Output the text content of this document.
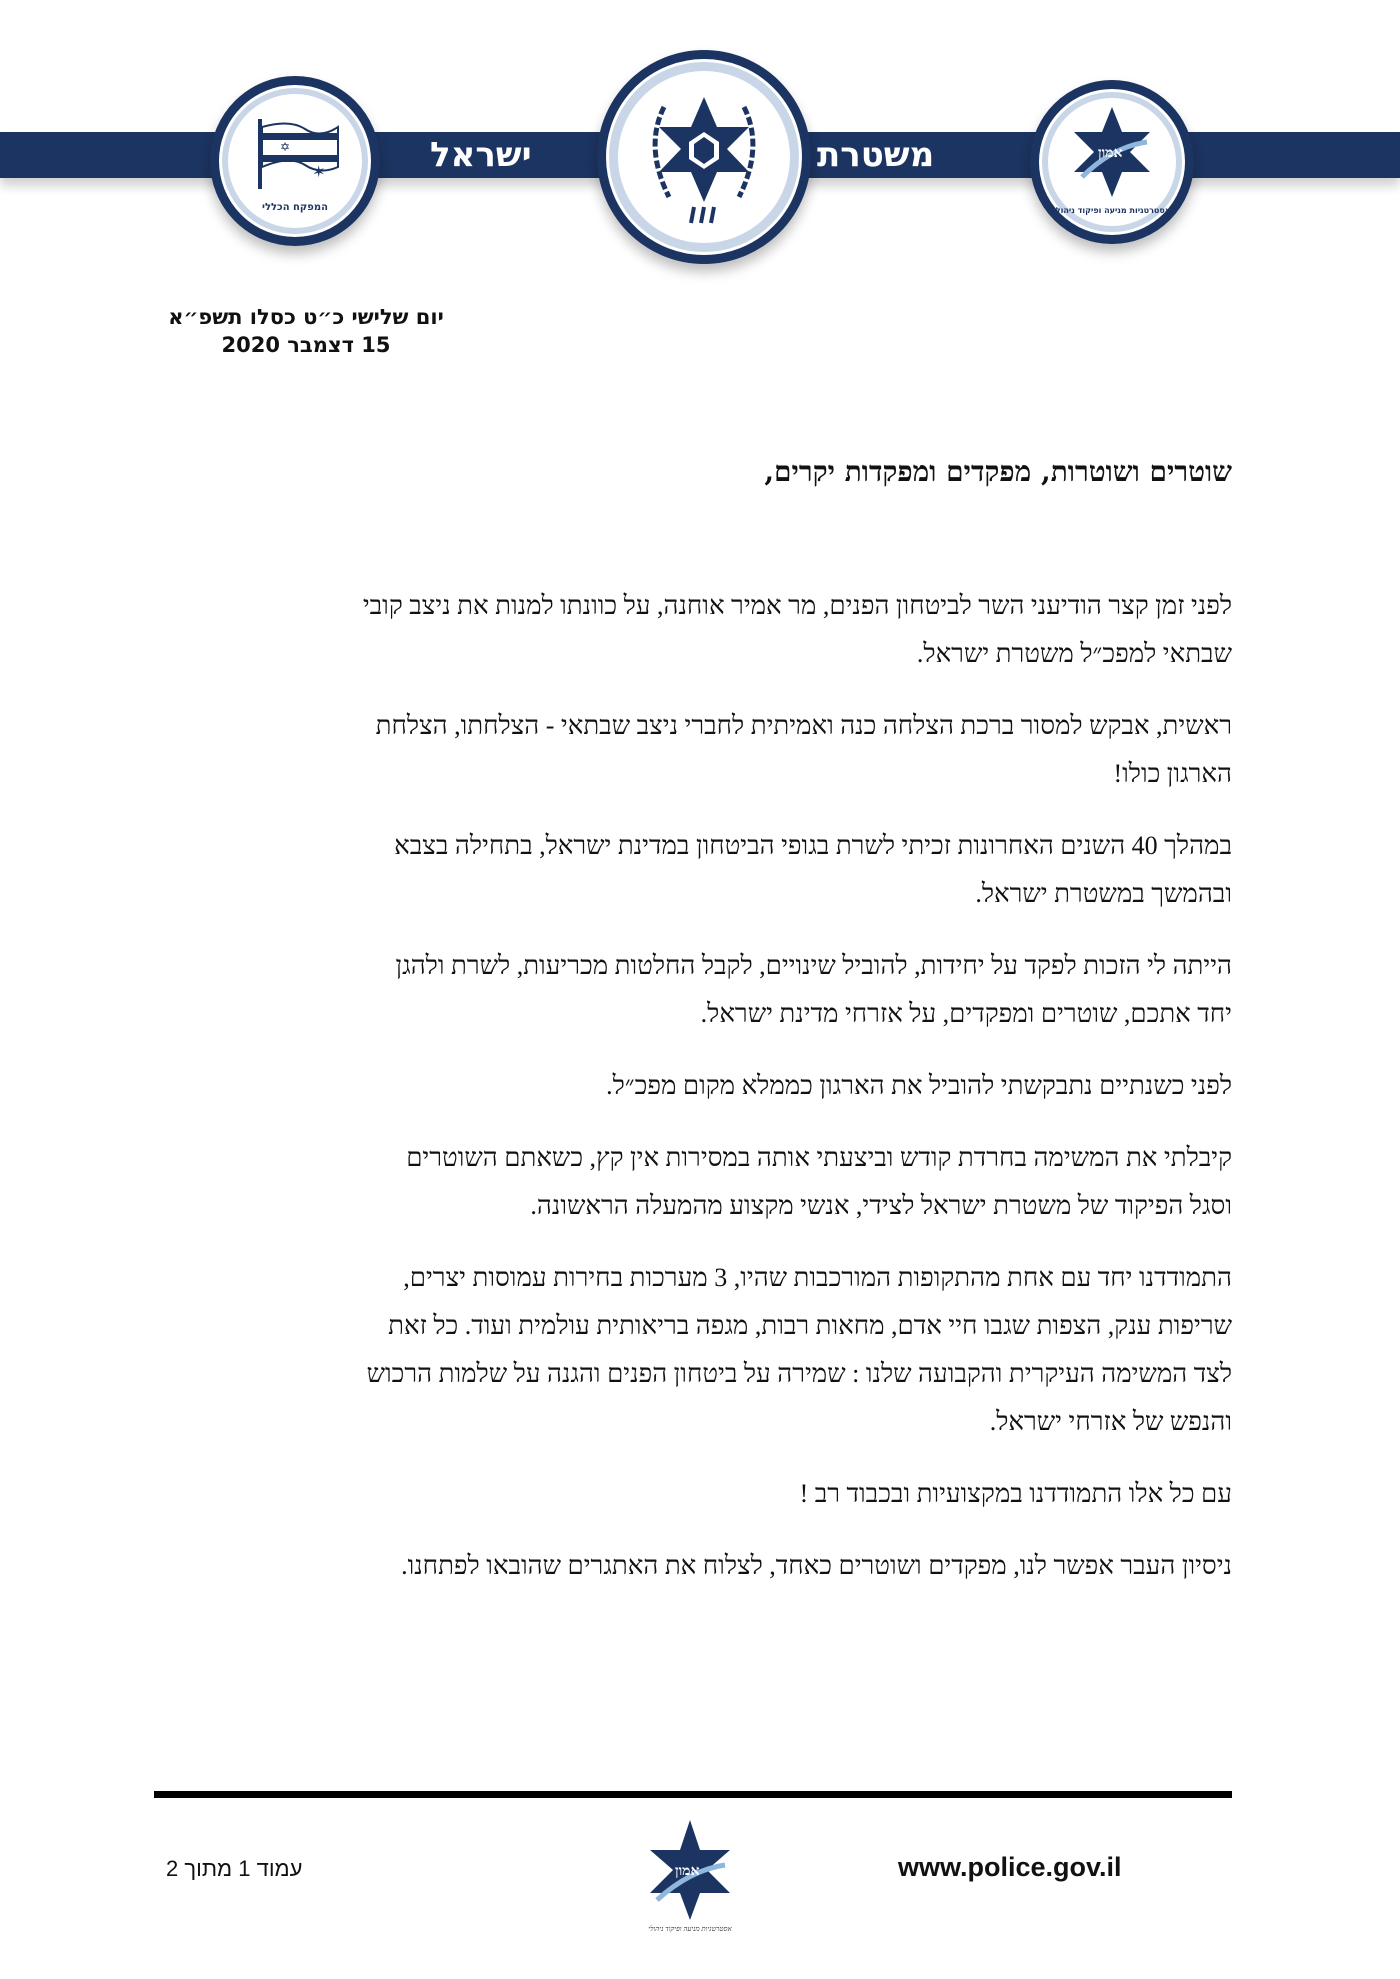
ישראל	משטרת
✡
✶
המפקח הכללי
אמון
אסטרטגיות מניעה ופיקוד ניהולי
יום שלישי כ״ט כסלו תשפ״א
15 דצמבר 2020
שוטרים ושוטרות, מפקדים ומפקדות יקרים,
לפני זמן קצר הודיעני השר לביטחון הפנים, מר אמיר אוחנה, על כוונתו למנות את ניצב קובי
שבתאי למפכ״ל משטרת ישראל.
ראשית, אבקש למסור ברכת הצלחה כנה ואמיתית לחברי ניצב שבתאי - הצלחתו, הצלחת
הארגון כולו!
במהלך 40 השנים האחרונות זכיתי לשרת בגופי הביטחון במדינת ישראל, בתחילה בצבא
ובהמשך במשטרת ישראל.
הייתה לי הזכות לפקד על יחידות, להוביל שינויים, לקבל החלטות מכריעות, לשרת ולהגן
יחד אתכם, שוטרים ומפקדים, על אזרחי מדינת ישראל.
לפני כשנתיים נתבקשתי להוביל את הארגון כממלא מקום מפכ״ל.
קיבלתי את המשימה בחרדת קודש וביצעתי אותה במסירות אין קץ, כשאתם השוטרים
וסגל הפיקוד של משטרת ישראל לצידי, אנשי מקצוע מהמעלה הראשונה.
התמודדנו יחד עם אחת מהתקופות המורכבות שהיו, 3 מערכות בחירות עמוסות יצרים,
שריפות ענק, הצפות שגבו חיי אדם, מחאות רבות, מגפה בריאותית עולמית ועוד. כל זאת
לצד המשימה העיקרית והקבועה שלנו : שמירה על ביטחון הפנים והגנה על שלמות הרכוש
והנפש של אזרחי ישראל.
עם כל אלו התמודדנו במקצועיות ובכבוד רב !
ניסיון העבר אפשר לנו, מפקדים ושוטרים כאחד, לצלוח את האתגרים שהובאו לפתחנו.
עמוד 1 מתוך 2	אמון
אסטרטגיות מניעה ופיקוד ניהולי
www.police.gov.il
